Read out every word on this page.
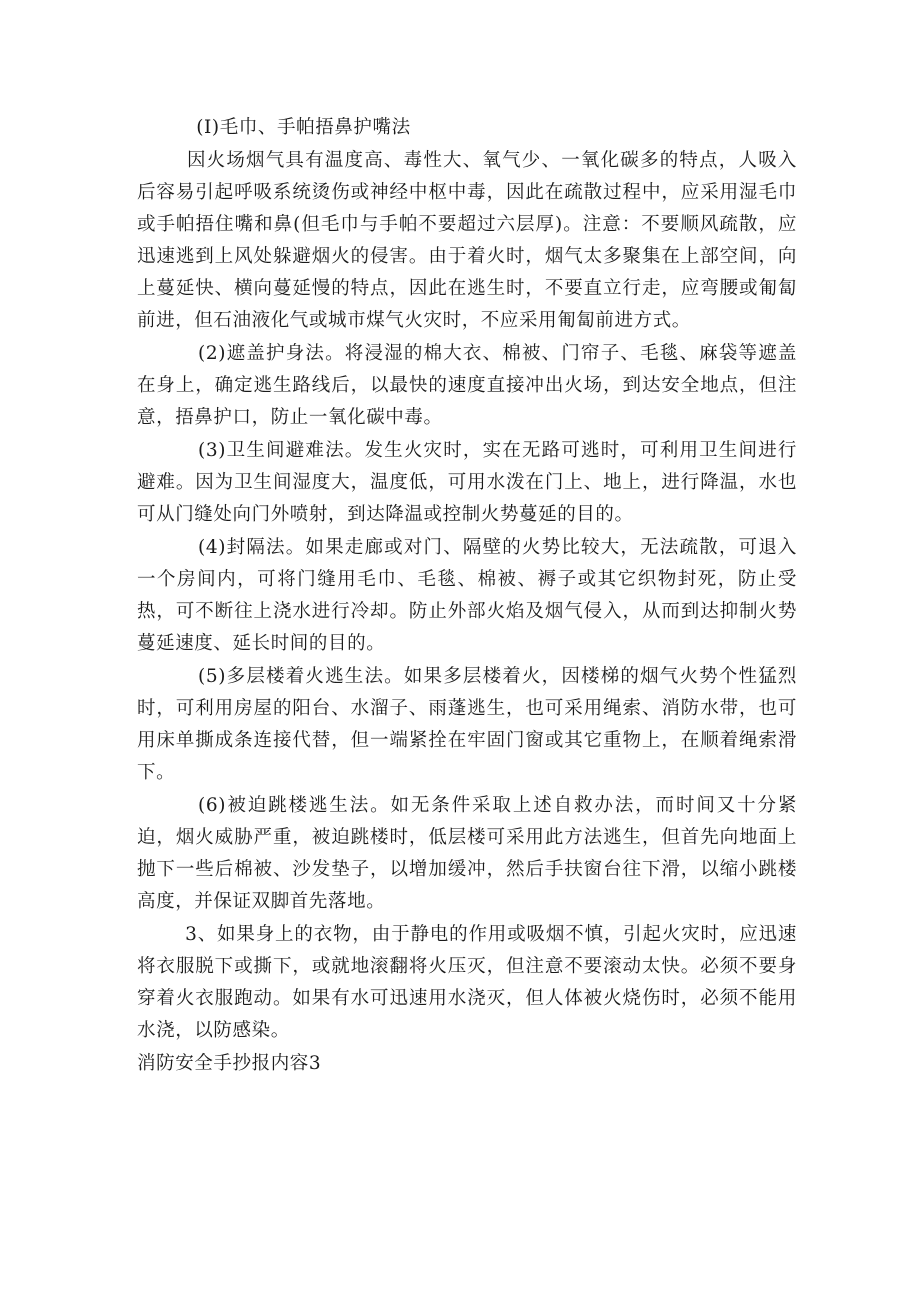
(I)毛巾、手帕捂鼻护嘴法

因火场烟气具有温度高、毒性大、氧气少、一氧化碳多的特点，人吸入后容易引起呼吸系统烫伤或神经中枢中毒，因此在疏散过程中，应采用湿毛巾或手帕捂住嘴和鼻(但毛巾与手帕不要超过六层厚)。注意：不要顺风疏散，应迅速逃到上风处躲避烟火的侵害。由于着火时，烟气太多聚集在上部空间，向上蔓延快、横向蔓延慢的特点，因此在逃生时，不要直立行走，应弯腰或匍匐前进，但石油液化气或城市煤气火灾时，不应采用匍匐前进方式。

(2)遮盖护身法。将浸湿的棉大衣、棉被、门帘子、毛毯、麻袋等遮盖在身上，确定逃生路线后，以最快的速度直接冲出火场，到达安全地点，但注意，捂鼻护口，防止一氧化碳中毒。

(3)卫生间避难法。发生火灾时，实在无路可逃时，可利用卫生间进行避难。因为卫生间湿度大，温度低，可用水泼在门上、地上，进行降温，水也可从门缝处向门外喷射，到达降温或控制火势蔓延的目的。

(4)封隔法。如果走廊或对门、隔壁的火势比较大，无法疏散，可退入一个房间内，可将门缝用毛巾、毛毯、棉被、褥子或其它织物封死，防止受热，可不断往上浇水进行冷却。防止外部火焰及烟气侵入，从而到达抑制火势蔓延速度、延长时间的目的。

(5)多层楼着火逃生法。如果多层楼着火，因楼梯的烟气火势个性猛烈时，可利用房屋的阳台、水溜子、雨蓬逃生，也可采用绳索、消防水带，也可用床单撕成条连接代替，但一端紧拴在牢固门窗或其它重物上，在顺着绳索滑下。

(6)被迫跳楼逃生法。如无条件采取上述自救办法，而时间又十分紧迫，烟火威胁严重，被迫跳楼时，低层楼可采用此方法逃生，但首先向地面上抛下一些后棉被、沙发垫子，以增加缓冲，然后手扶窗台往下滑，以缩小跳楼高度，并保证双脚首先落地。

3、如果身上的衣物，由于静电的作用或吸烟不慎，引起火灾时，应迅速将衣服脱下或撕下，或就地滚翻将火压灭，但注意不要滚动太快。必须不要身穿着火衣服跑动。如果有水可迅速用水浇灭，但人体被火烧伤时，必须不能用水浇，以防感染。

消防安全手抄报内容3
